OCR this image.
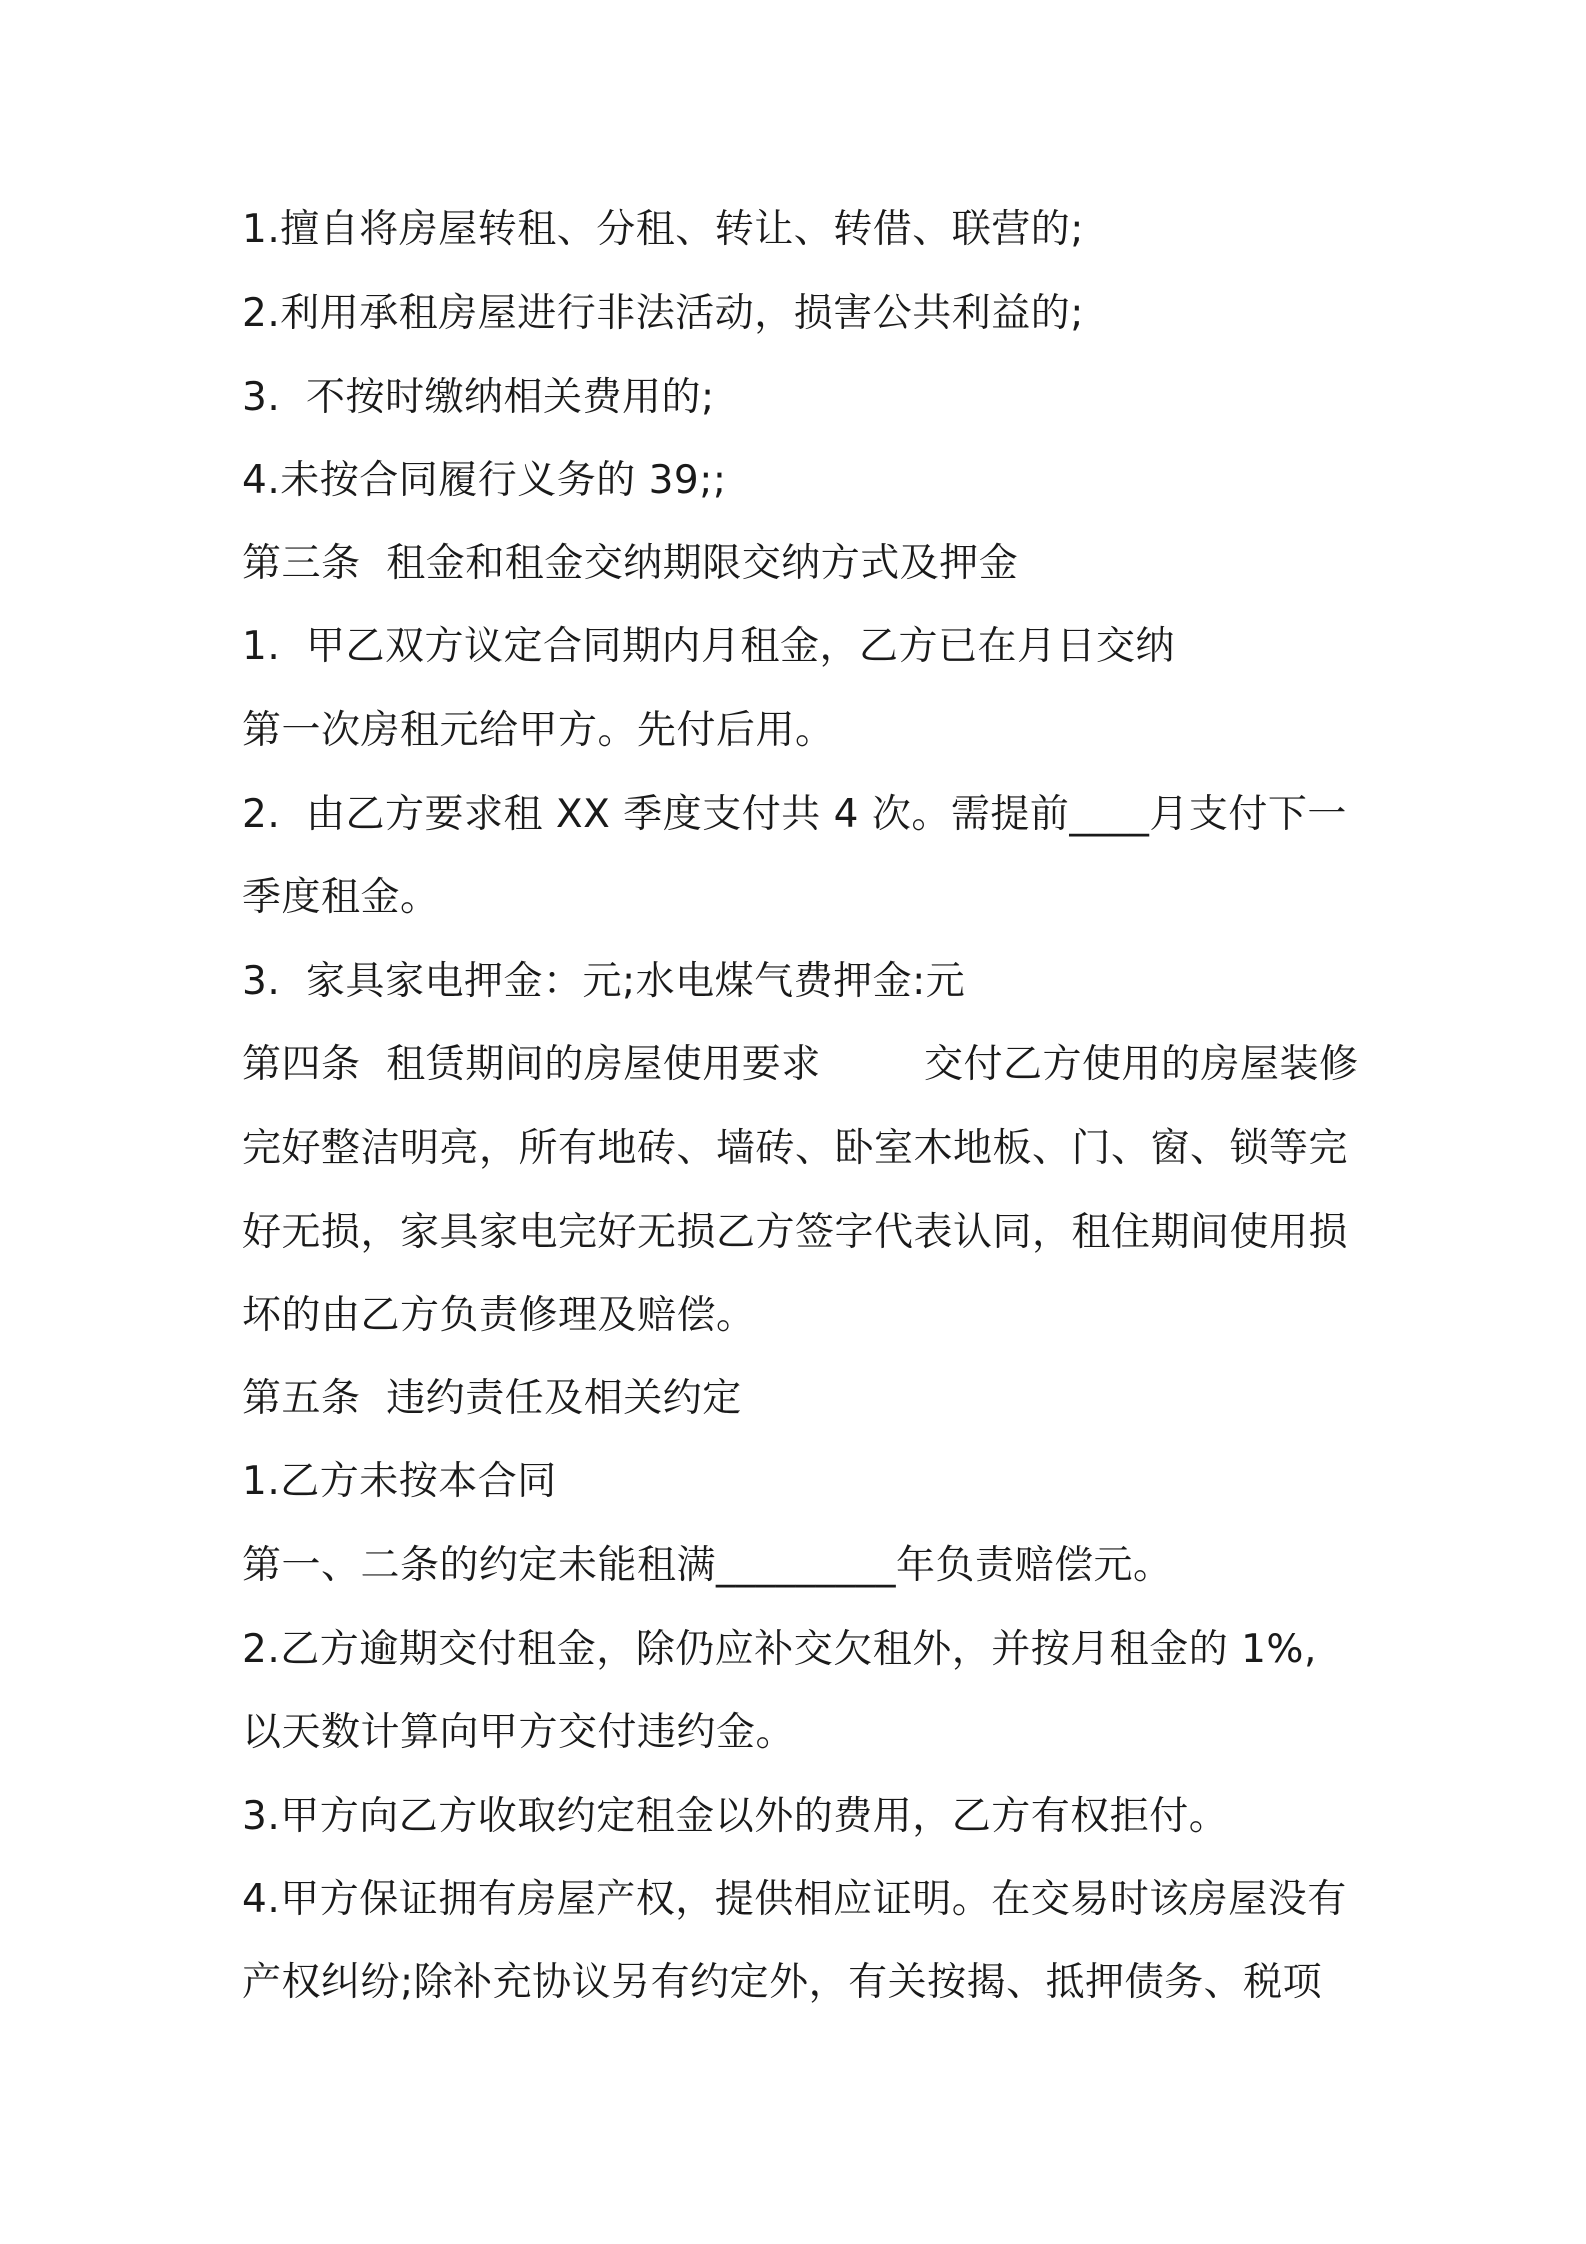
1.擅自将房屋转租、分租、转让、转借、联营的;
2.利用承租房屋进行非法活动，损害公共利益的;
3.  不按时缴纳相关费用的;
4.未按合同履行义务的 39;;
第三条  租金和租金交纳期限交纳方式及押金
1.  甲乙双方议定合同期内月租金，乙方已在月日交纳
第一次房租元给甲方。先付后用。
2.  由乙方要求租 XX 季度支付共 4 次。需提前____月支付下一
季度租金。
3.  家具家电押金：元;水电煤气费押金:元
第四条  租赁期间的房屋使用要求        交付乙方使用的房屋装修
完好整洁明亮，所有地砖、墙砖、卧室木地板、门、窗、锁等完
好无损，家具家电完好无损乙方签字代表认同，租住期间使用损
坏的由乙方负责修理及赔偿。
第五条  违约责任及相关约定
1.乙方未按本合同
第一、二条的约定未能租满_________年负责赔偿元。
2.乙方逾期交付租金，除仍应补交欠租外，并按月租金的 1%,
以天数计算向甲方交付违约金。
3.甲方向乙方收取约定租金以外的费用，乙方有权拒付。
4.甲方保证拥有房屋产权，提供相应证明。在交易时该房屋没有
产权纠纷;除补充协议另有约定外，有关按揭、抵押债务、税项
